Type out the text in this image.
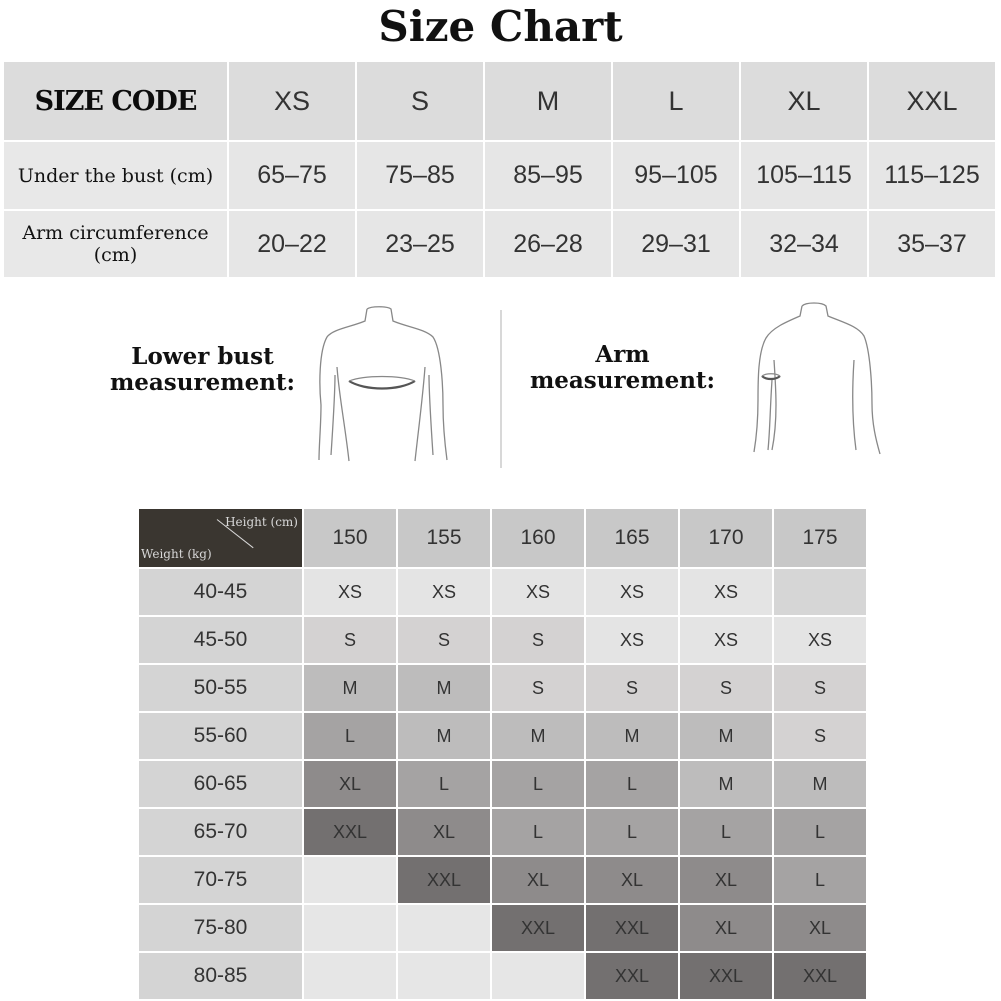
Size Chart
SIZE CODE	XS	S	M	L	XL	XXL
Under the bust (cm)	65–75	75–85	85–95	95–105	105–115	115–125

Arm circumference
(cm)	20–22	23–25	26–28	29–31	32–34	35–37
Lower bust
measurement:
Arm
measurement:
Height (cm)
Weight (kg)	150	155	160	165	170	175
40-45	XS	XS	XS	XS	XS	
45-50	S	S	S	XS	XS	XS
50-55	M	M	S	S	S	S
55-60	L	M	M	M	M	S
60-65	XL	L	L	L	M	M
65-70	XXL	XL	L	L	L	L
70-75		XXL	XL	XL	XL	L
75-80			XXL	XXL	XL	XL
80-85				XXL	XXL	XXL
